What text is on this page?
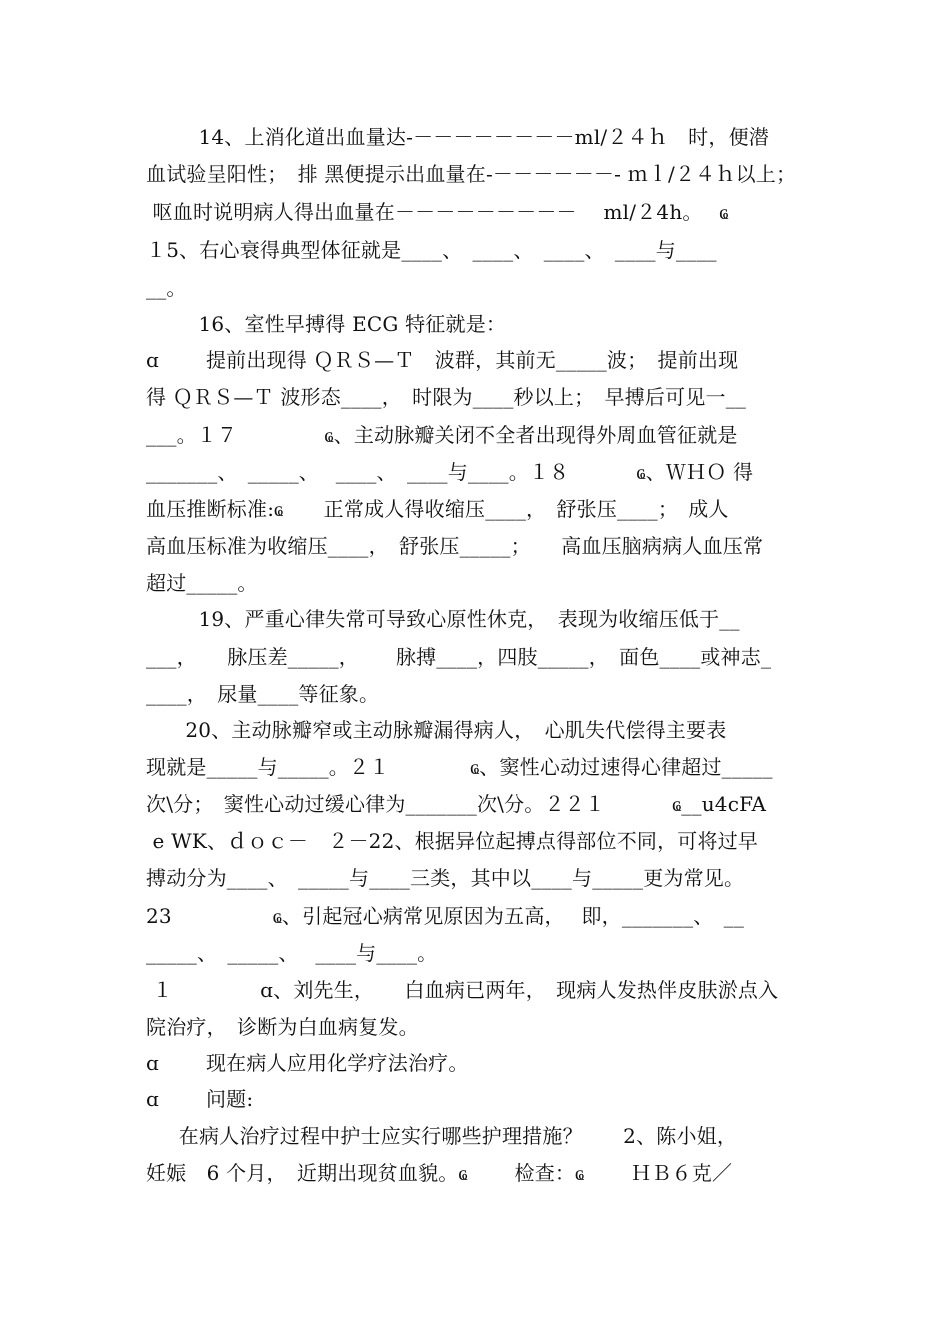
14、上消化道出血量达-－－－－－－－－ml/２４ｈ　时，便潜
血试验呈阳性；　排 黑便提示出血量在-－－－－－－- ｍｌ/２４ｈ以上；
呕血时说明病人得出血量在－－－－－－－－－　 ml/２4h。　 ҩ
１5、右心衰得典型体征就是____、　____、　____、　____与____
__。
16、室性早搏得 ECG 特征就是：
ɑ　　 提前出现得 ＱＲＳ—Ｔ　波群，其前无_____波；　提前出现
得 ＱＲＳ—Ｔ 波形态____，　时限为____秒以上；　早搏后可见一__
___。１７　　　　 ҩ、主动脉瓣关闭不全者出现得外周血管征就是
_______、　_____、　 ____、　____与____。１８　　　 ҩ、ＷＨＯ 得
血压推断标准:ҩ　　正常成人得收缩压____，　舒张压____；　成人
高血压标准为收缩压____，　舒张压_____；　　高血压脑病病人血压常
超过_____。
19、严重心律失常可导致心原性休克，　表现为收缩压低于__
___，　　脉压差_____，　　 脉搏____，四肢_____，　面色____或神志_
____，　尿量____等征象。
20、主动脉瓣窄或主动脉瓣漏得病人，　心肌失代偿得主要表
现就是_____与_____。２１　　　　ҩ、窦性心动过速得心律超过_____
次\分；　窦性心动过缓心律为_______次\分。２２１　　　 ҩ__u4cFA
e WK、ｄｏｃ－　２－22、根据异位起搏点得部位不同，可将过早
搏动分为____、　_____与____三类，其中以____与_____更为常见。
23　　　　　ҩ、引起冠心病常见原因为五高，　 即，_______、　__
_____、　_____、　 ____与____。
１　　　　 ɑ、刘先生，　　白血病已两年，　现病人发热伴皮肤淤点入
院治疗，　诊断为白血病复发。
ɑ　　 现在病人应用化学疗法治疗。
ɑ　　 问题:
在病人治疗过程中护士应实行哪些护理措施？　　2、陈小姐，
妊娠　6 个月，　近期出现贫血貌。ҩ　　 检查：ҩ　　 ＨＢ６克／
